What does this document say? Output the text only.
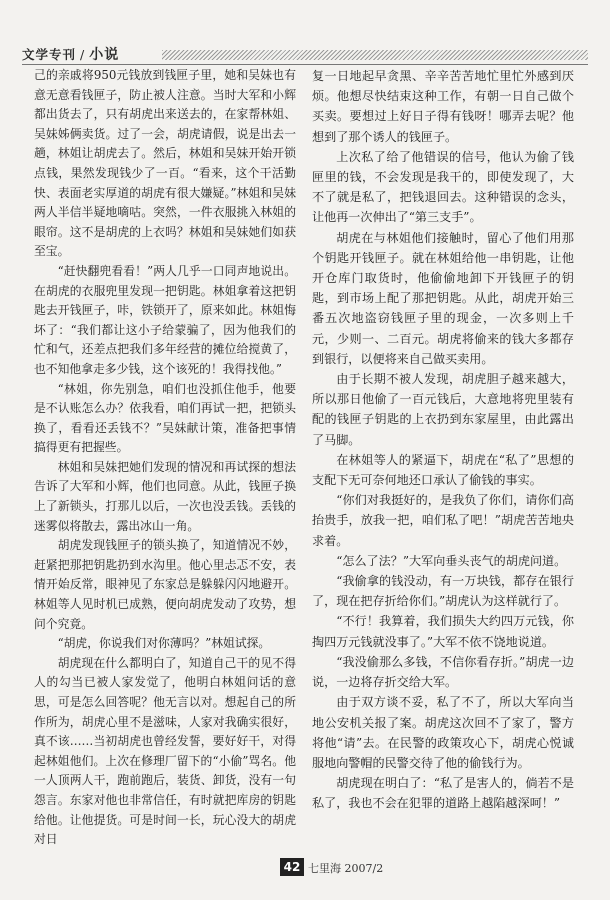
文学专刊 / 小说

己的亲戚将950元钱放到钱匣子里，她和吴妹也有意无意看钱匣子，防止被人注意。当时大军和小辉都出货去了，只有胡虎出来送去的，在家帮林姐、吴妹姊俩卖货。过了一会，胡虎请假，说是出去一趟，林姐让胡虎去了。然后，林姐和吴妹开始开锁点钱，果然发现钱少了一百。“看来，这个干活勤快、表面老实厚道的胡虎有很大嫌疑。”林姐和吴妹两人半信半疑地嘀咕。突然，一件衣服挑入林姐的眼帘。这不是胡虎的上衣吗？林姐和吴妹她们如获至宝。

“赶快翻兜看看！”两人几乎一口同声地说出。在胡虎的衣服兜里发现一把钥匙。林姐拿着这把钥匙去开钱匣子，咔，铁锁开了，原来如此。林姐悔坏了：“我们都让这小子给蒙骗了，因为他我们的忙和气，还差点把我们多年经营的摊位给搅黄了，也不知他拿走多少钱，这个该死的！我得找他。”

“林姐，你先别急，咱们也没抓住他手，他要是不认账怎么办？依我看，咱们再试一把，把锁头换了，看看还丢钱不？”吴妹献计策，准备把事情搞得更有把握些。

林姐和吴妹把她们发现的情况和再试探的想法告诉了大军和小辉，他们也同意。从此，钱匣子换上了新锁头，打那儿以后，一次也没丢钱。丢钱的迷雾似将散去，露出冰山一角。

胡虎发现钱匣子的锁头换了，知道情况不妙，赶紧把那把钥匙扔到水沟里。他心里忐忑不安，表情开始反常，眼神见了东家总是躲躲闪闪地避开。林姐等人见时机已成熟，便向胡虎发动了攻势，想问个究竟。

“胡虎，你说我们对你薄吗？”林姐试探。

胡虎现在什么都明白了，知道自己干的见不得人的勾当已被人家发觉了，他明白林姐问话的意思，可是怎么回答呢？他无言以对。想起自己的所作所为，胡虎心里不是滋味，人家对我确实很好，真不该……当初胡虎也曾经发誓，要好好干，对得起林姐他们。上次在修理厂留下的“小偷”骂名。他一人顶两人干，跑前跑后，装货、卸货，没有一句怨言。东家对他也非常信任，有时就把库房的钥匙给他。让他提货。可是时间一长，玩心没大的胡虎对日

复一日地起早贪黑、辛辛苦苦地忙里忙外感到厌烦。他想尽快结束这种工作，有朝一日自己做个买卖。要想过上好日子得有钱呀！哪弄去呢？他想到了那个诱人的钱匣子。

上次私了给了他错误的信号，他认为偷了钱匣里的钱，不会发现是我干的，即使发现了，大不了就是私了，把钱退回去。这种错误的念头，让他再一次伸出了“第三支手”。

胡虎在与林姐他们接触时，留心了他们用那个钥匙开钱匣子。就在林姐给他一串钥匙，让他开仓库门取货时，他偷偷地卸下开钱匣子的钥匙，到市场上配了那把钥匙。从此，胡虎开始三番五次地盗窃钱匣子里的现金，一次多则上千元，少则一、二百元。胡虎将偷来的钱大多都存到银行，以便将来自己做买卖用。

由于长期不被人发现，胡虎胆子越来越大，所以那日他偷了一百元钱后，大意地将兜里装有配的钱匣子钥匙的上衣扔到东家屋里，由此露出了马脚。

在林姐等人的紧逼下，胡虎在“私了”思想的支配下无可奈何地还口承认了偷钱的事实。

“你们对我挺好的，是我负了你们，请你们高抬贵手，放我一把，咱们私了吧！”胡虎苦苦地央求着。

“怎么了法？”大军向垂头丧气的胡虎问道。

“我偷拿的钱没动，有一万块钱，都存在银行了，现在把存折给你们。”胡虎认为这样就行了。

“不行！我算着，我们损失大约四万元钱，你掏四万元钱就没事了。”大军不依不饶地说道。

“我没偷那么多钱，不信你看存折。”胡虎一边说，一边将存折交给大军。

由于双方谈不妥，私了不了，所以大军向当地公安机关报了案。胡虎这次回不了家了，警方将他“请”去。在民警的政策攻心下，胡虎心悦诚服地向警帽的民警交待了他的偷钱行为。

胡虎现在明白了：“私了是害人的，倘若不是私了，我也不会在犯罪的道路上越陷越深呵！”

42 七里海 2007/2
